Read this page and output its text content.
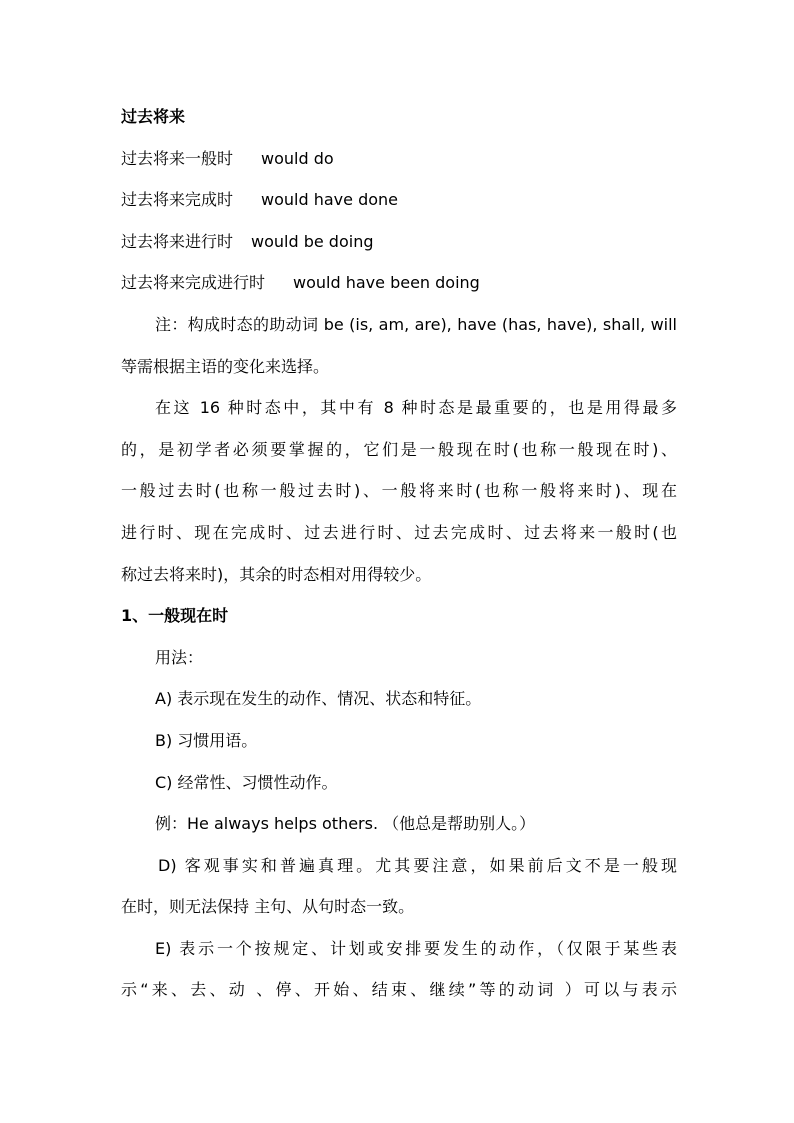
过去将来
过去将来一般时 would do
过去将来完成时 would have done
过去将来进行时 would be doing
过去将来完成进行时 would have been doing
注：构成时态的助动词 be (is, am, are), have (has, have), shall, will
等需根据主语的变化来选择。
在这 16 种时态中，其中有 8 种时态是最重要的，也是用得最多
的，是初学者必须要掌握的，它们是一般现在时(也称一般现在时)、
一般过去时(也称一般过去时)、一般将来时(也称一般将来时)、现在
进行时、现在完成时、过去进行时、过去完成时、过去将来一般时(也
称过去将来时)，其余的时态相对用得较少。
1、一般现在时
用法：
A) 表示现在发生的动作、情况、状态和特征。
B) 习惯用语。
C) 经常性、习惯性动作。
例：He always helps others. （他总是帮助别人。）
D) 客观事实和普遍真理。尤其要注意，如果前后文不是一般现
在时，则无法保持 主句、从句时态一致。
E) 表示一个按规定、计划或安排要发生的动作，（仅限于某些表
示“来、去、动 、停、开始、结束、继续”等的动词 ）可以与表示
